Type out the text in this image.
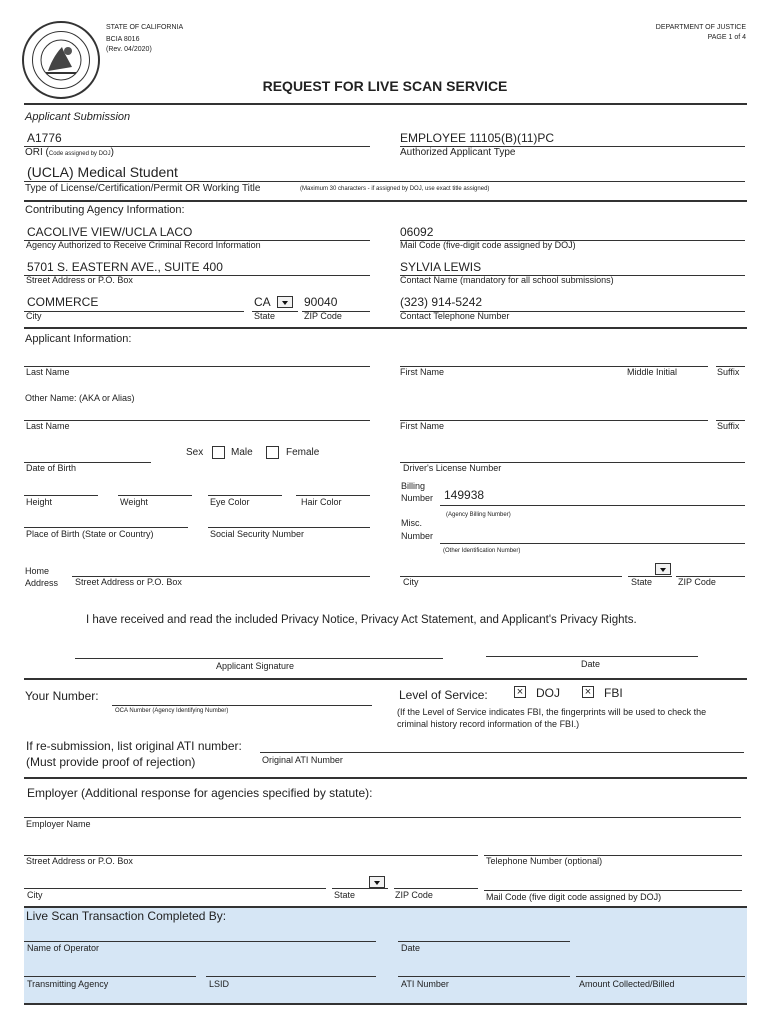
STATE OF CALIFORNIA
BCIA 8016
(Rev. 04/2020)
DEPARTMENT OF JUSTICE
PAGE 1 of 4
REQUEST FOR LIVE SCAN SERVICE
Applicant Submission
A1776
ORI (Code assigned by DOJ)
EMPLOYEE 11105(B)(11)PC
Authorized Applicant Type
(UCLA) Medical Student
Type of License/Certification/Permit OR Working Title	(Maximum 30 characters - if assigned by DOJ, use exact title assigned)
Contributing Agency Information:
CACOLIVE VIEW/UCLA LACO
Agency Authorized to Receive Criminal Record Information
06092
Mail Code (five-digit code assigned by DOJ)
5701 S. EASTERN AVE., SUITE 400
Street Address or P.O. Box
SYLVIA LEWIS
Contact Name (mandatory for all school submissions)
COMMERCE
City
CA
State
90040
ZIP Code
(323) 914-5242
Contact Telephone Number
Applicant Information:
Last Name	First Name	Middle Initial	Suffix
Other Name: (AKA or Alias)
Last Name	First Name	Suffix
Sex	Male	Female
Date of Birth	Driver's License Number
Height	Weight	Eye Color	Hair Color
Billing
Number 149938
(Agency Billing Number)
Place of Birth (State or Country)	Social Security Number
Misc.
Number
(Other Identification Number)
Home
Address Street Address or P.O. Box	City	State	ZIP Code
I have received and read the included Privacy Notice, Privacy Act Statement, and Applicant's Privacy Rights.
Applicant Signature	Date
Your Number:
OCA Number (Agency Identifying Number)
Level of Service:	× DOJ × FBI
(If the Level of Service indicates FBI, the fingerprints will be used to check the
criminal history record information of the FBI.)
If re-submission, list original ATI number:
(Must provide proof of rejection)	Original ATI Number
Employer (Additional response for agencies specified by statute):
Employer Name
Street Address or P.O. Box	Telephone Number (optional)
City	State	ZIP Code	Mail Code (five digit code assigned by DOJ)
Live Scan Transaction Completed By:
Name of Operator	Date
Transmitting Agency	LSID	ATI Number	Amount Collected/Billed
